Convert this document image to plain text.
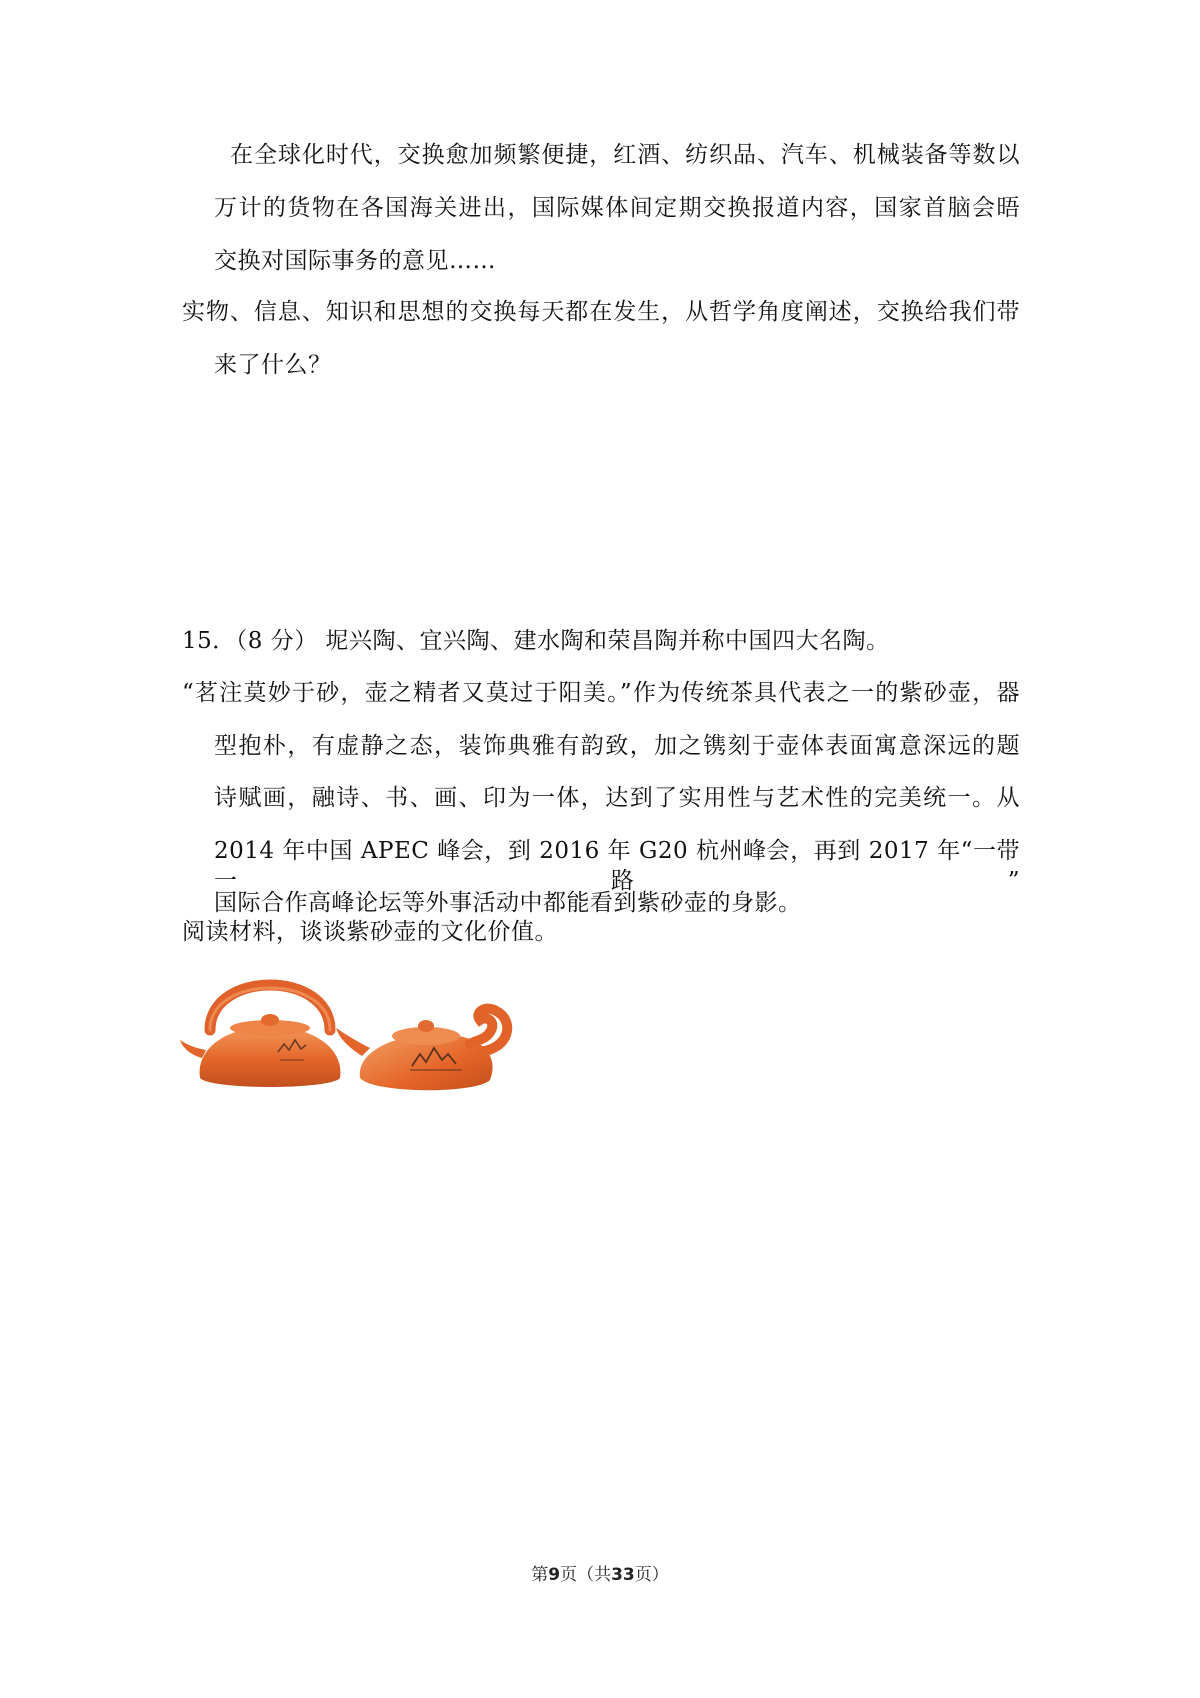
在全球化时代，交换愈加频繁便捷，红酒、纺织品、汽车、机械装备等数以
万计的货物在各国海关进出，国际媒体间定期交换报道内容，国家首脑会晤
交换对国际事务的意见……
实物、信息、知识和思想的交换每天都在发生，从哲学角度阐述，交换给我们带
来了什么？
15．（8 分） 坭兴陶、宜兴陶、建水陶和荣昌陶并称中国四大名陶。
“茗注莫妙于砂，壶之精者又莫过于阳美。”作为传统茶具代表之一的紫砂壶，器
型抱朴，有虚静之态，装饰典雅有韵致，加之镌刻于壶体表面寓意深远的题
诗赋画，融诗、书、画、印为一体，达到了实用性与艺术性的完美统一。从
2014 年中国 APEC 峰会，到 2016 年 G20 杭州峰会，再到 2017 年“一带一路”
国际合作高峰论坛等外事活动中都能看到紫砂壶的身影。
阅读材料，谈谈紫砂壶的文化价值。
第9页（共33页）
